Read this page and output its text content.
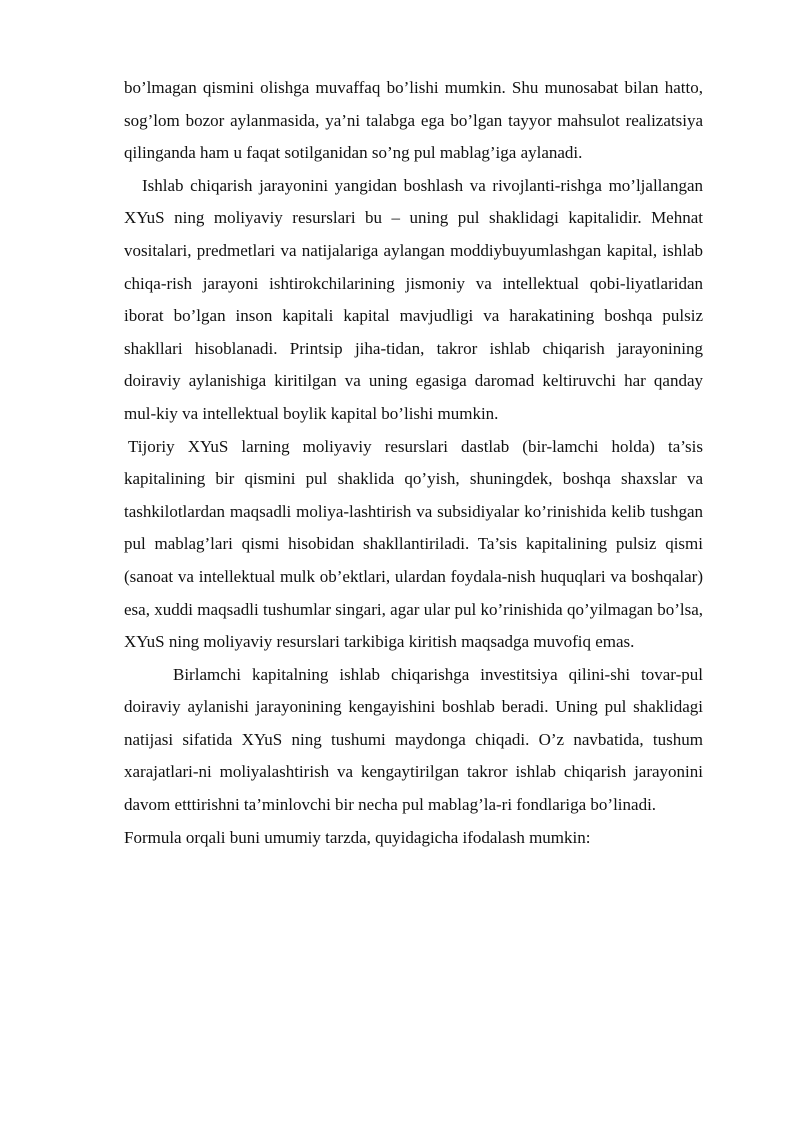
bo’lmagan qismini olishga muvaffaq bo’lishi mumkin. Shu munosabat bilan hatto, sog’lom bozor aylanmasida, ya’ni talabga ega bo’lgan tayyor mahsulot realizatsiya qilinganda ham u faqat sotilganidan so’ng pul mablag’iga aylanadi.

Ishlab chiqarish jarayonini yangidan boshlash va rivojlanti-rishga mo’ljallangan XYuS ning moliyaviy resurslari bu – uning pul shaklidagi kapitalidir. Mehnat vositalari, predmetlari va natijalariga aylangan moddiybuyumlashgan kapital, ishlab chiqa-rish jarayoni ishtirokchilarining jismoniy va intellektual qobi-liyatlaridan iborat bo’lgan inson kapitali kapital mavjudligi va harakatining boshqa pulsiz shakllari hisoblanadi. Printsip jiha-tidan, takror ishlab chiqarish jarayonining doiraviy aylanishiga kiritilgan va uning egasiga daromad keltiruvchi har qanday mul-kiy va intellektual boylik kapital bo’lishi mumkin.

Tijoriy XYuS larning moliyaviy resurslari dastlab (bir-lamchi holda) ta’sis kapitalining bir qismini pul shaklida qo’yish, shuningdek, boshqa shaxslar va tashkilotlardan maqsadli moliya-lashtirish va subsidiyalar ko’rinishida kelib tushgan pul mablag’lari qismi hisobidan shakllantiriladi. Ta’sis kapitalining pulsiz qismi (sanoat va intellektual mulk ob’ektlari, ulardan foydala-nish huquqlari va boshqalar) esa, xuddi maqsadli tushumlar singari, agar ular pul ko’rinishida qo’yilmagan bo’lsa, XYuS ning moliyaviy resurslari tarkibiga kiritish maqsadga muvofiq emas.

Birlamchi kapitalning ishlab chiqarishga investitsiya qilini-shi tovar-pul doiraviy aylanishi jarayonining kengayishini boshlab beradi. Uning pul shaklidagi natijasi sifatida XYuS ning tushumi maydonga chiqadi. O’z navbatida, tushum xarajatlari-ni moliyalashtirish va kengaytirilgan takror ishlab chiqarish jarayonini davom etttirishni ta’minlovchi bir necha pul mablag’la-ri fondlariga bo’linadi.

Formula orqali buni umumiy tarzda, quyidagicha ifodalash mumkin:
